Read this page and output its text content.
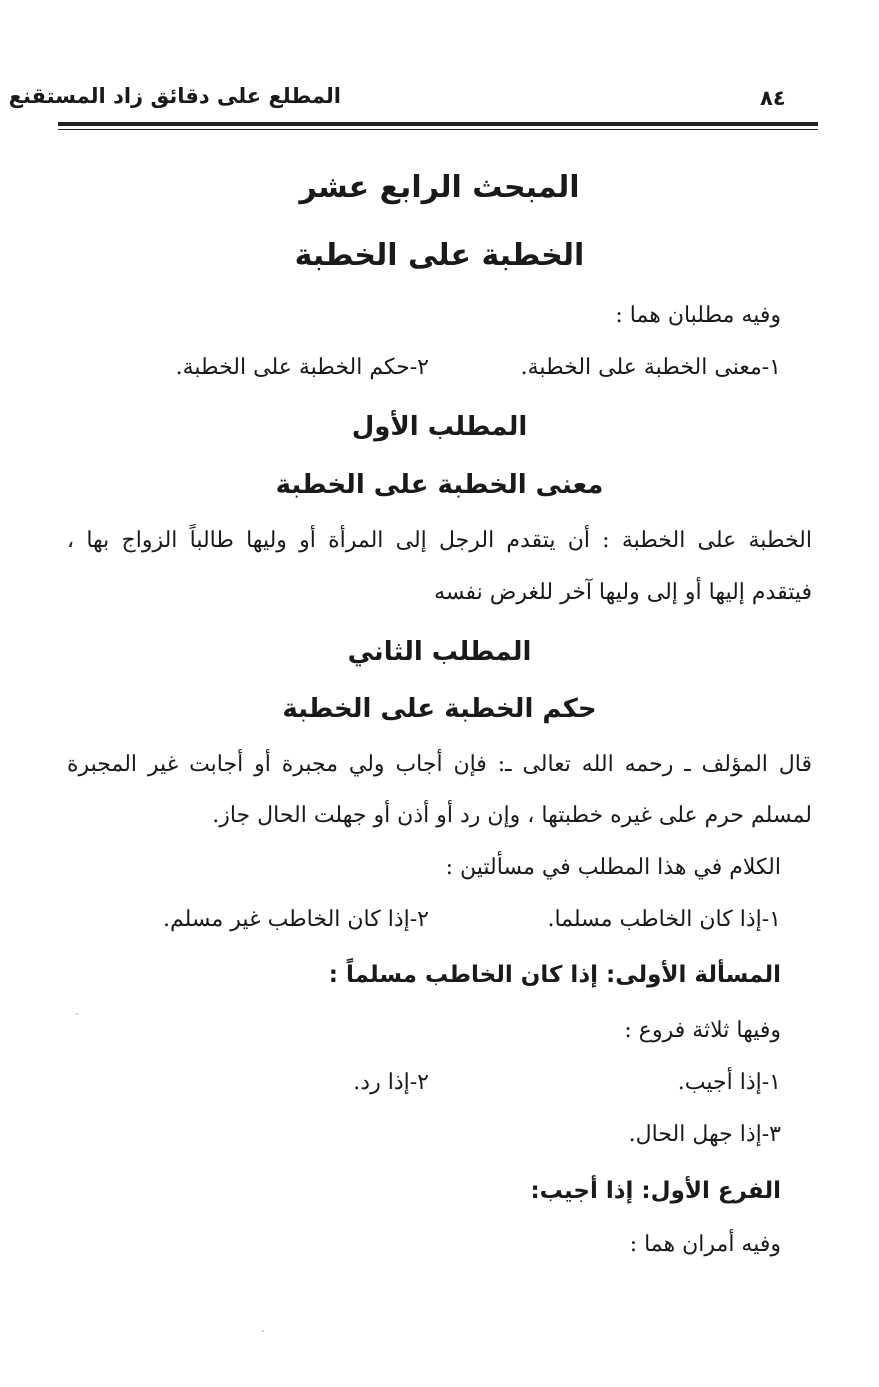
المطلع على دقائق زاد المستقنع	٨٤
المبحث الرابع عشر
الخطبة على الخطبة
وفيه مطلبان هما :
١-معنى الخطبة على الخطبة.
٢-حكم الخطبة على الخطبة.
المطلب الأول
معنى الخطبة على الخطبة
الخطبة على الخطبة : أن يتقدم الرجل إلى المرأة أو وليها طالباً الزواج بها ،
فيتقدم إليها أو إلى وليها آخر للغرض نفسه
المطلب الثاني
حكم الخطبة على الخطبة
قال المؤلف ـ رحمه الله تعالى ـ: فإن أجاب ولي مجبرة أو أجابت غير المجبرة
لمسلم حرم على غيره خطبتها ، وإن رد أو أذن أو جهلت الحال جاز.
الكلام في هذا المطلب في مسألتين :
١-إذا كان الخاطب مسلما.
٢-إذا كان الخاطب غير مسلم.
المسألة الأولى: إذا كان الخاطب مسلماً :
وفيها ثلاثة فروع :
١-إذا أجيب.
٢-إذا رد.
٣-إذا جهل الحال.
الفرع الأول: إذا أجيب:
وفيه أمران هما :
